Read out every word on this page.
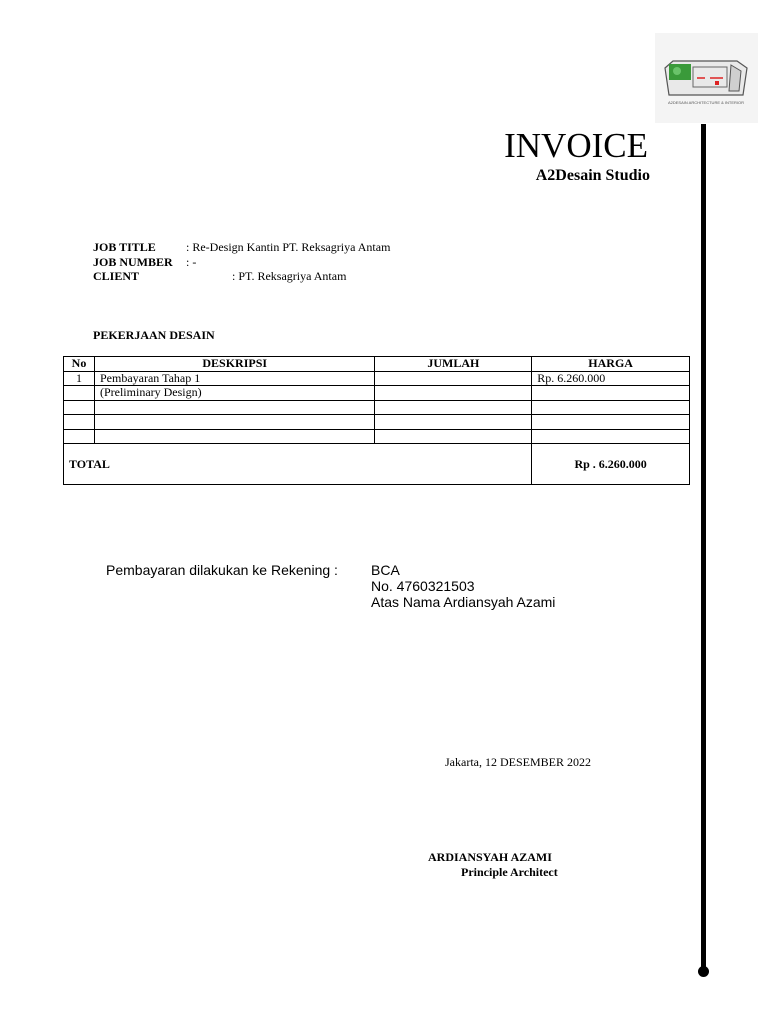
A2DESAIN ARCHITECTURE & INTERIOR
INVOICE
A2Desain Studio
JOB TITLE	: Re-Design Kantin PT. Reksagriya Antam
JOB NUMBER : -
CLIENT	: PT. Reksagriya Antam
PEKERJAAN DESAIN
No	DESKRIPSI	JUMLAH	HARGA
1	Pembayaran Tahap 1		Rp. 6.260.000
	(Preliminary Design)		

TOTAL			Rp . 6.260.000
Pembayaran dilakukan ke Rekening : BCA
No. 4760321503
Atas Nama Ardiansyah Azami
Jakarta, 12 DESEMBER 2022
ARDIANSYAH AZAMI
Principle Architect
